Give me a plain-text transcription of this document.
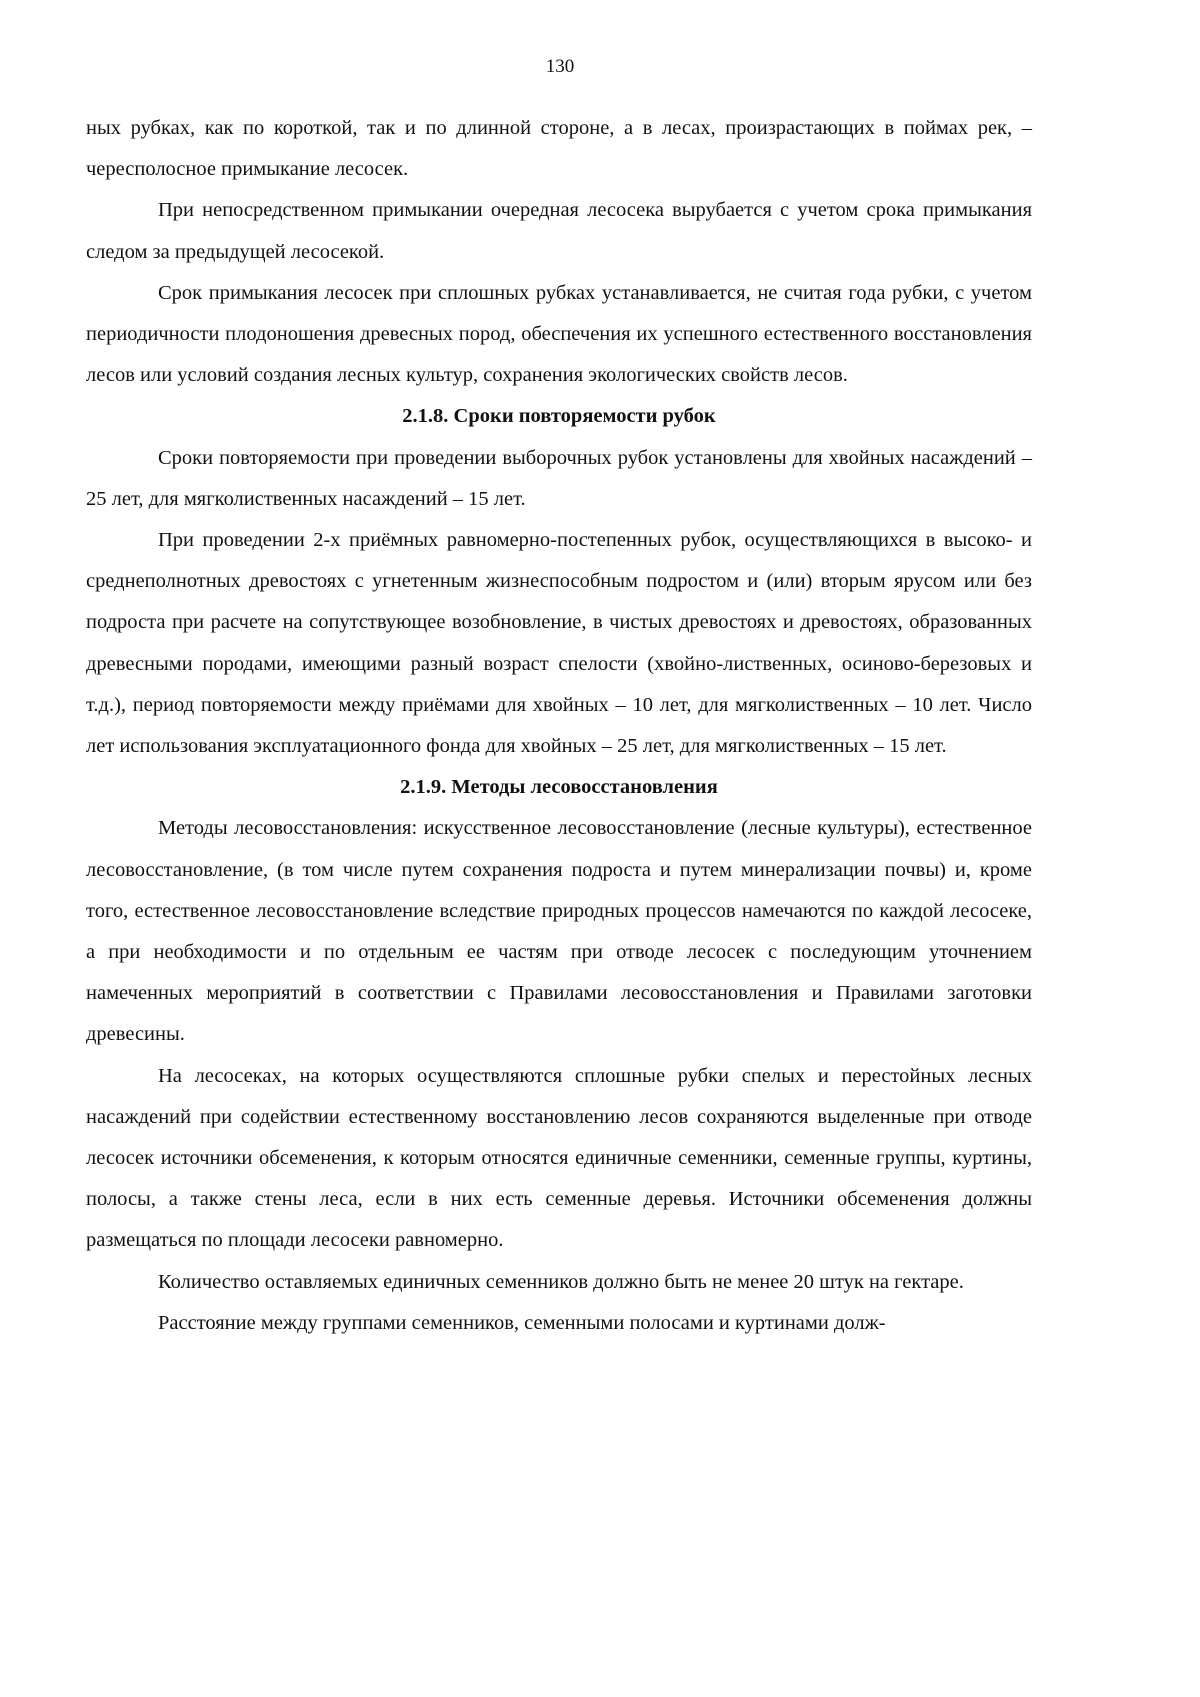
130

ных рубках, как по короткой, так и по длинной стороне, а в лесах, произрастающих в поймах рек, – чересполосное примыкание лесосек.

При непосредственном примыкании очередная лесосека вырубается с учетом срока примыкания следом за предыдущей лесосекой.

Срок примыкания лесосек при сплошных рубках устанавливается, не считая года рубки, с учетом периодичности плодоношения древесных пород, обеспечения их успешного естественного восстановления лесов или условий создания лесных культур, сохранения экологических свойств лесов.

2.1.8. Сроки повторяемости рубок

Сроки повторяемости при проведении выборочных рубок установлены для хвойных насаждений – 25 лет, для мягколиственных насаждений – 15 лет.

При проведении 2-х приёмных равномерно-постепенных рубок, осуществляющихся в высоко- и среднеполнотных древостоях с угнетенным жизнеспособным подростом и (или) вторым ярусом или без подроста при расчете на сопутствующее возобновление, в чистых древостоях и древостоях, образованных древесными породами, имеющими разный возраст спелости (хвойно-лиственных, осиново-березовых и т.д.), период повторяемости между приёмами для хвойных – 10 лет, для мягколиственных – 10 лет. Число лет использования эксплуатационного фонда для хвойных – 25 лет, для мягколиственных – 15 лет.

2.1.9. Методы лесовосстановления

Методы лесовосстановления: искусственное лесовосстановление (лесные культуры), естественное лесовосстановление, (в том числе путем сохранения подроста и путем минерализации почвы) и, кроме того, естественное лесовосстановление вследствие природных процессов намечаются по каждой лесосеке, а при необходимости и по отдельным ее частям при отводе лесосек с последующим уточнением намеченных мероприятий в соответствии с Правилами лесовосстановления и Правилами заготовки древесины.

На лесосеках, на которых осуществляются сплошные рубки спелых и перестойных лесных насаждений при содействии естественному восстановлению лесов сохраняются выделенные при отводе лесосек источники обсеменения, к которым относятся единичные семенники, семенные группы, куртины, полосы, а также стены леса, если в них есть семенные деревья. Источники обсеменения должны размещаться по площади лесосеки равномерно.

Количество оставляемых единичных семенников должно быть не менее 20 штук на гектаре.

Расстояние между группами семенников, семенными полосами и куртинами долж-
